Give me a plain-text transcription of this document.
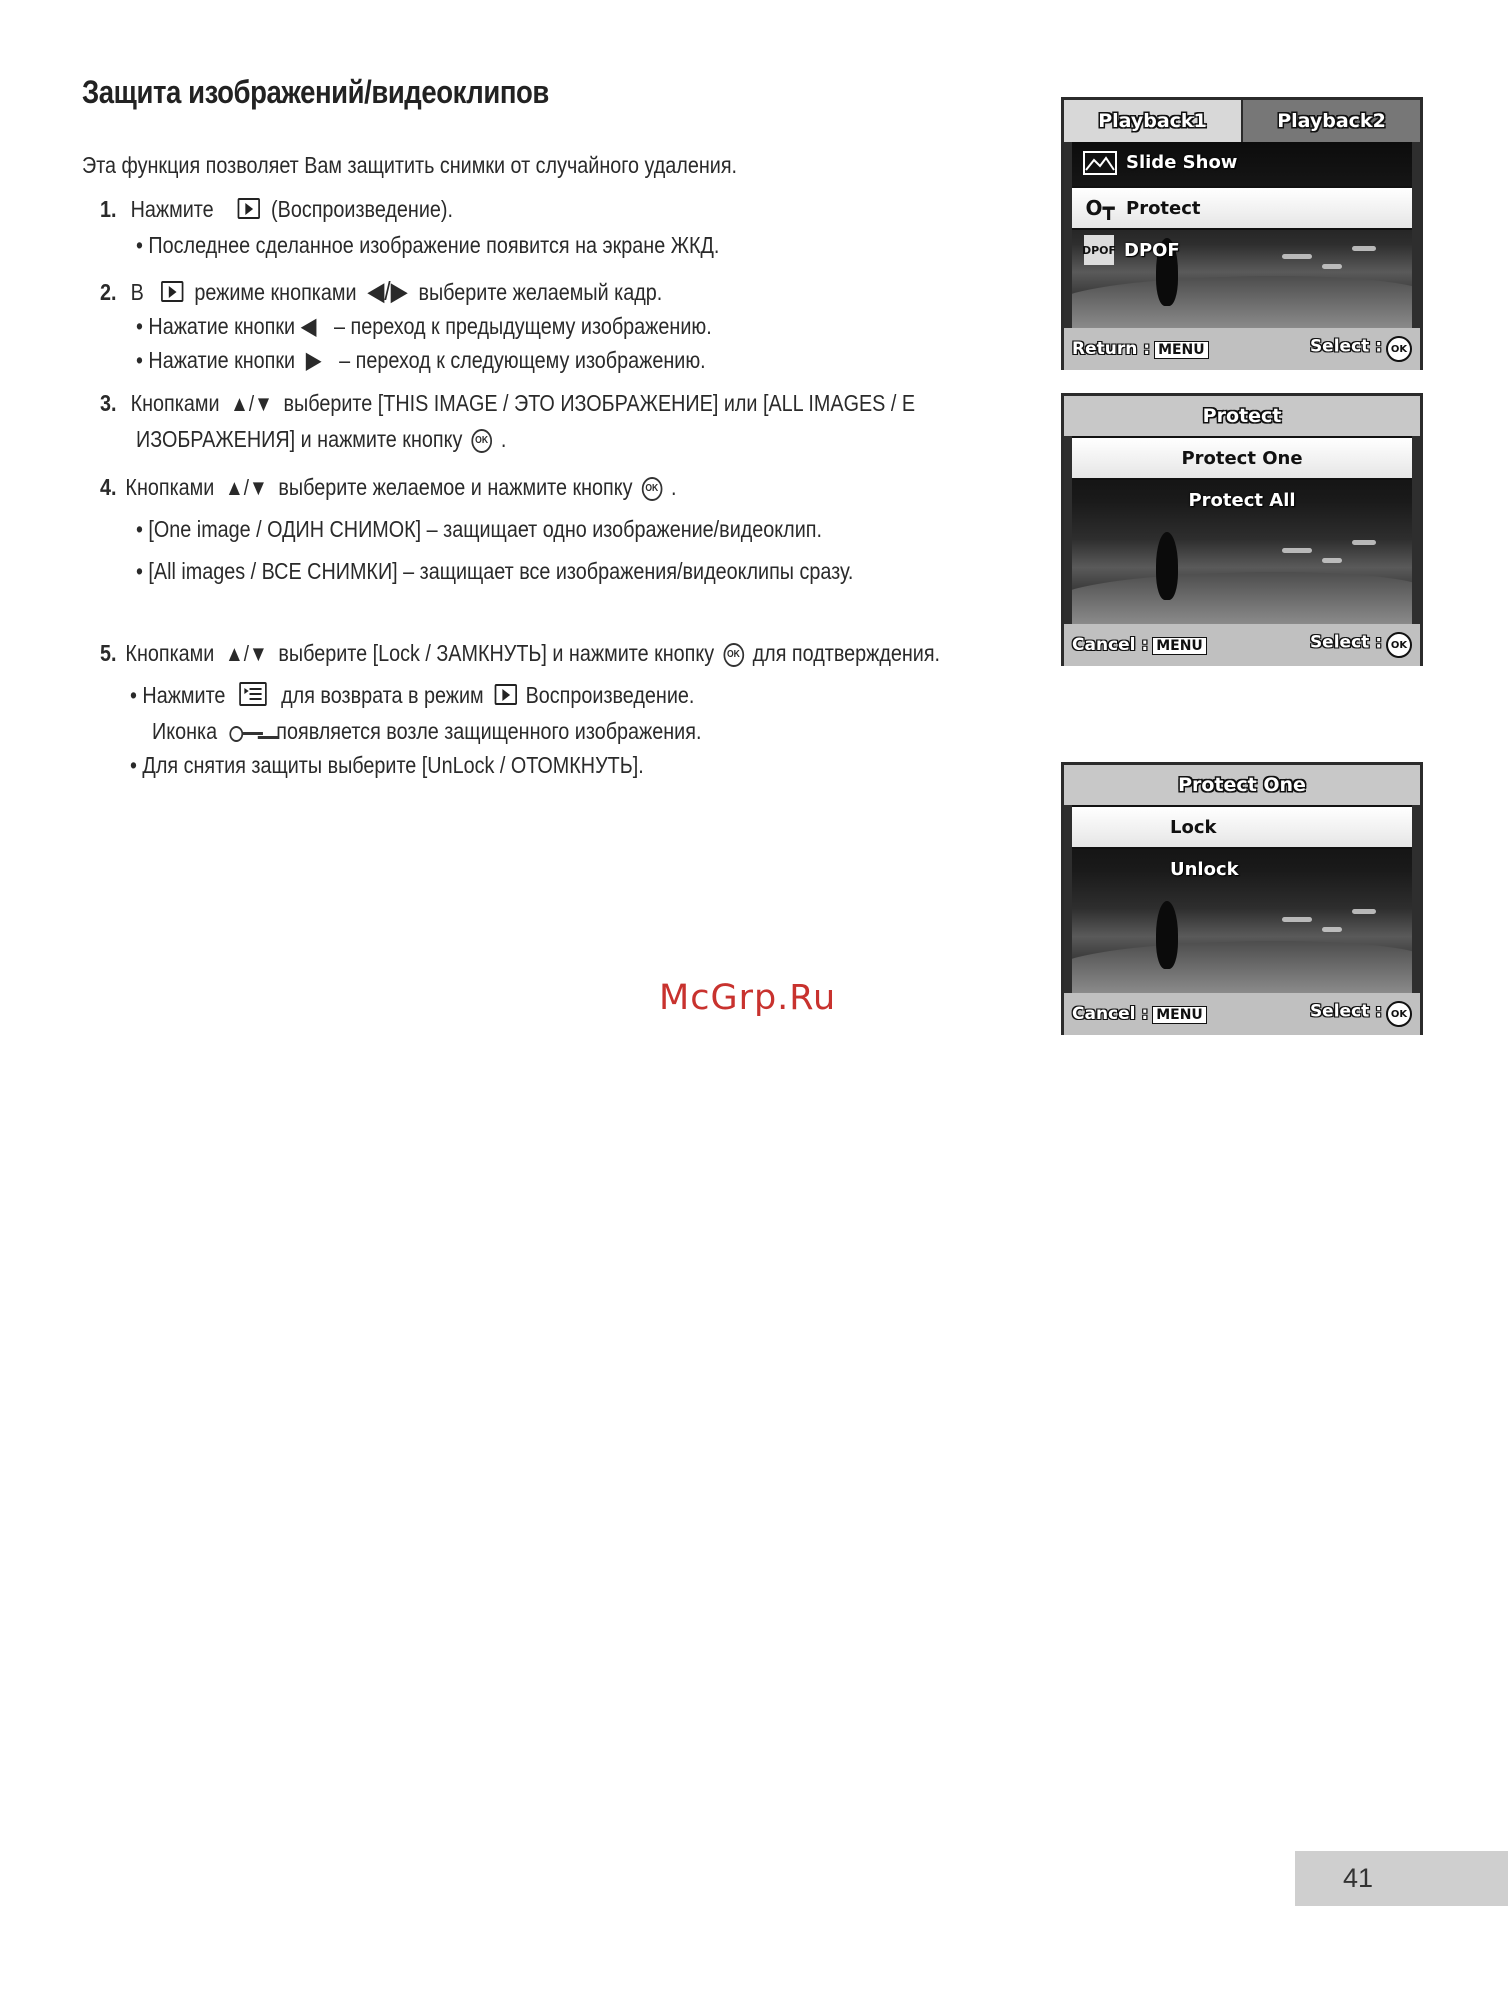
Защита изображений/видеоклипов
Эта функция позволяет Вам защитить снимки от случайного удаления.
1. Нажмите (Воспроизведение).
• Последнее сделанное изображение появится на экране ЖКД.
2. В режиме кнопками ◀/▶ выберите желаемый кадр.
• Нажатие кнопки ◀ – переход к предыдущему изображению.
• Нажатие кнопки ▶ – переход к следующему изображению.
3. Кнопками ▲/▼ выберите [THIS IMAGE / ЭТО ИЗОБРАЖЕНИЕ] или [ALL IMAGES / Е
ИЗОБРАЖЕНИЯ] и нажмите кнопку OK .
4. Кнопками ▲/▼ выберите желаемое и нажмите кнопку OK .
• [One image / ОДИН СНИМОК] – защищает одно изображение/видеоклип.
• [All images / ВСЕ СНИМКИ] – защищает все изображения/видеоклипы сразу.
5. Кнопками ▲/▼ выберите [Lock / ЗАМКНУТЬ] и нажмите кнопку OK для подтверждения.
• Нажмите для возврата в режим Воспроизведение.
Иконка	появляется возле защищенного изображения.
• Для снятия защиты выберите [UnLock / ОТОМКНУТЬ].
Playback1	Playback2
Slide Show
O┳ Protect
DPOF DPOF
Return : MENU	Select : OK
Protect
Protect One
Protect All
Cancel : MENU	Select : OK
Protect One
Lock
Unlock
Cancel : MENU	Select : OK
McGrp.Ru
41
